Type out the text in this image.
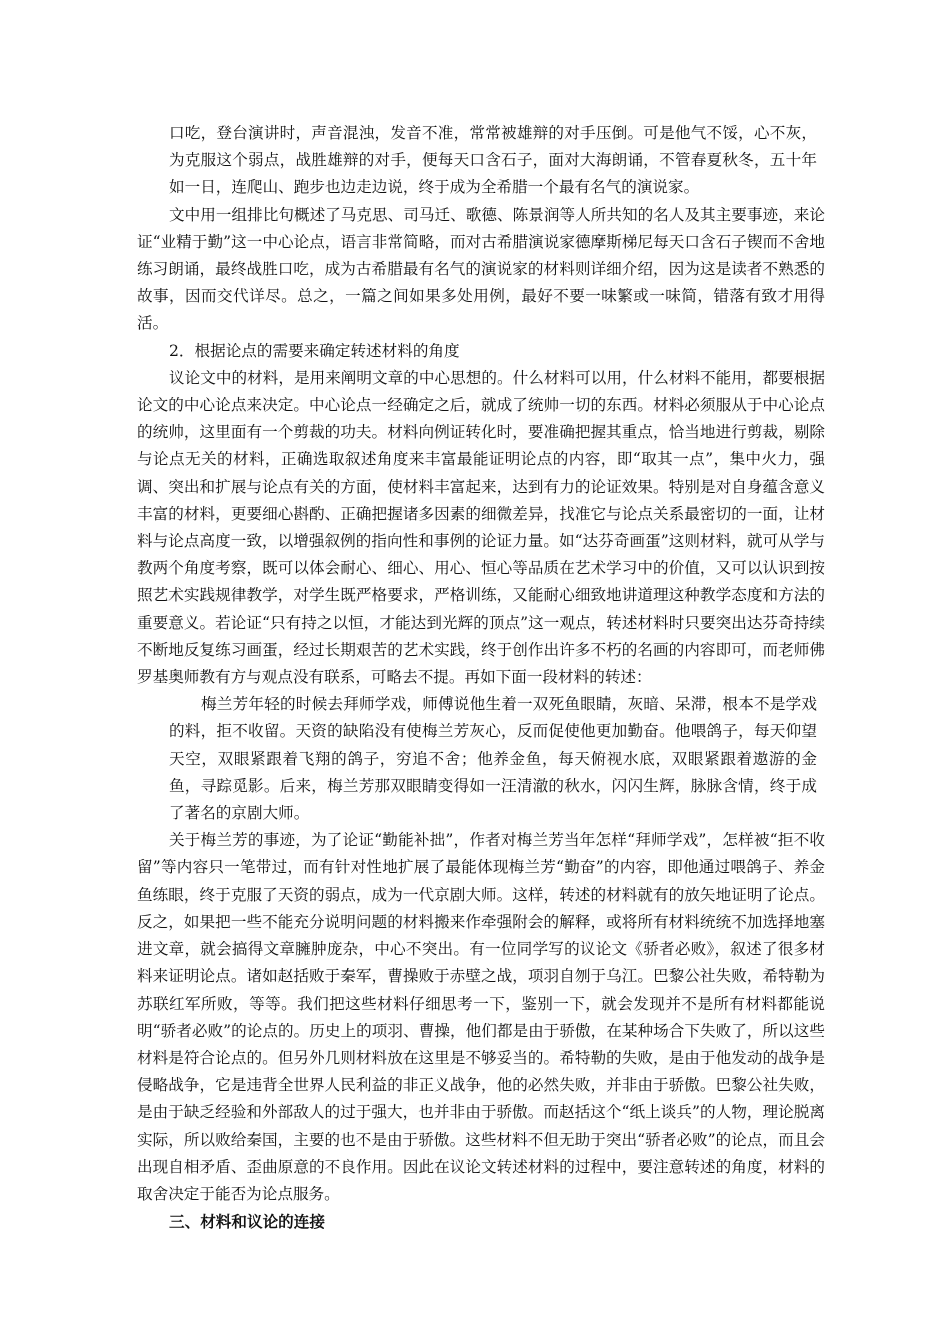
口吃，登台演讲时，声音混浊，发音不准，常常被雄辩的对手压倒。可是他气不馁，心不灰，为克服这个弱点，战胜雄辩的对手，便每天口含石子，面对大海朗诵，不管春夏秋冬，五十年如一日，连爬山、跑步也边走边说，终于成为全希腊一个最有名气的演说家。

文中用一组排比句概述了马克思、司马迁、歌德、陈景润等人所共知的名人及其主要事迹，来论证“业精于勤”这一中心论点，语言非常简略，而对古希腊演说家德摩斯梯尼每天口含石子锲而不舍地练习朗诵，最终战胜口吃，成为古希腊最有名气的演说家的材料则详细介绍，因为这是读者不熟悉的故事，因而交代详尽。总之，一篇之间如果多处用例，最好不要一味繁或一味简，错落有致才用得活。

2．根据论点的需要来确定转述材料的角度

议论文中的材料，是用来阐明文章的中心思想的。什么材料可以用，什么材料不能用，都要根据论文的中心论点来决定。中心论点一经确定之后，就成了统帅一切的东西。材料必须服从于中心论点的统帅，这里面有一个剪裁的功夫。材料向例证转化时，要准确把握其重点，恰当地进行剪裁，剔除与论点无关的材料，正确选取叙述角度来丰富最能证明论点的内容，即“取其一点”，集中火力，强调、突出和扩展与论点有关的方面，使材料丰富起来，达到有力的论证效果。特别是对自身蕴含意义丰富的材料，更要细心斟酌、正确把握诸多因素的细微差异，找准它与论点关系最密切的一面，让材料与论点高度一致，以增强叙例的指向性和事例的论证力量。如“达芬奇画蛋”这则材料，就可从学与教两个角度考察，既可以体会耐心、细心、用心、恒心等品质在艺术学习中的价值，又可以认识到按照艺术实践规律教学，对学生既严格要求，严格训练，又能耐心细致地讲道理这种教学态度和方法的重要意义。若论证“只有持之以恒，才能达到光辉的顶点”这一观点，转述材料时只要突出达芬奇持续不断地反复练习画蛋，经过长期艰苦的艺术实践，终于创作出许多不朽的名画的内容即可，而老师佛罗基奥师教有方与观点没有联系，可略去不提。再如下面一段材料的转述：

梅兰芳年轻的时候去拜师学戏，师傅说他生着一双死鱼眼睛，灰暗、呆滞，根本不是学戏的料，拒不收留。天资的缺陷没有使梅兰芳灰心，反而促使他更加勤奋。他喂鸽子，每天仰望天空，双眼紧跟着飞翔的鸽子，穷追不舍；他养金鱼，每天俯视水底，双眼紧跟着遨游的金鱼，寻踪觅影。后来，梅兰芳那双眼睛变得如一汪清澈的秋水，闪闪生辉，脉脉含情，终于成了著名的京剧大师。

关于梅兰芳的事迹，为了论证“勤能补拙”，作者对梅兰芳当年怎样“拜师学戏”，怎样被“拒不收留”等内容只一笔带过，而有针对性地扩展了最能体现梅兰芳“勤奋”的内容，即他通过喂鸽子、养金鱼练眼，终于克服了天资的弱点，成为一代京剧大师。这样，转述的材料就有的放矢地证明了论点。反之，如果把一些不能充分说明问题的材料搬来作牵强附会的解释，或将所有材料统统不加选择地塞进文章，就会搞得文章臃肿庞杂，中心不突出。有一位同学写的议论文《骄者必败》，叙述了很多材料来证明论点。诸如赵括败于秦军，曹操败于赤壁之战，项羽自刎于乌江。巴黎公社失败，希特勒为苏联红军所败，等等。我们把这些材料仔细思考一下，鉴别一下，就会发现并不是所有材料都能说明“骄者必败”的论点的。历史上的项羽、曹操，他们都是由于骄傲，在某种场合下失败了，所以这些材料是符合论点的。但另外几则材料放在这里是不够妥当的。希特勒的失败，是由于他发动的战争是侵略战争，它是违背全世界人民利益的非正义战争，他的必然失败，并非由于骄傲。巴黎公社失败，是由于缺乏经验和外部敌人的过于强大，也并非由于骄傲。而赵括这个“纸上谈兵”的人物，理论脱离实际，所以败给秦国，主要的也不是由于骄傲。这些材料不但无助于突出“骄者必败”的论点，而且会出现自相矛盾、歪曲原意的不良作用。因此在议论文转述材料的过程中，要注意转述的角度，材料的取舍决定于能否为论点服务。

三、材料和议论的连接
